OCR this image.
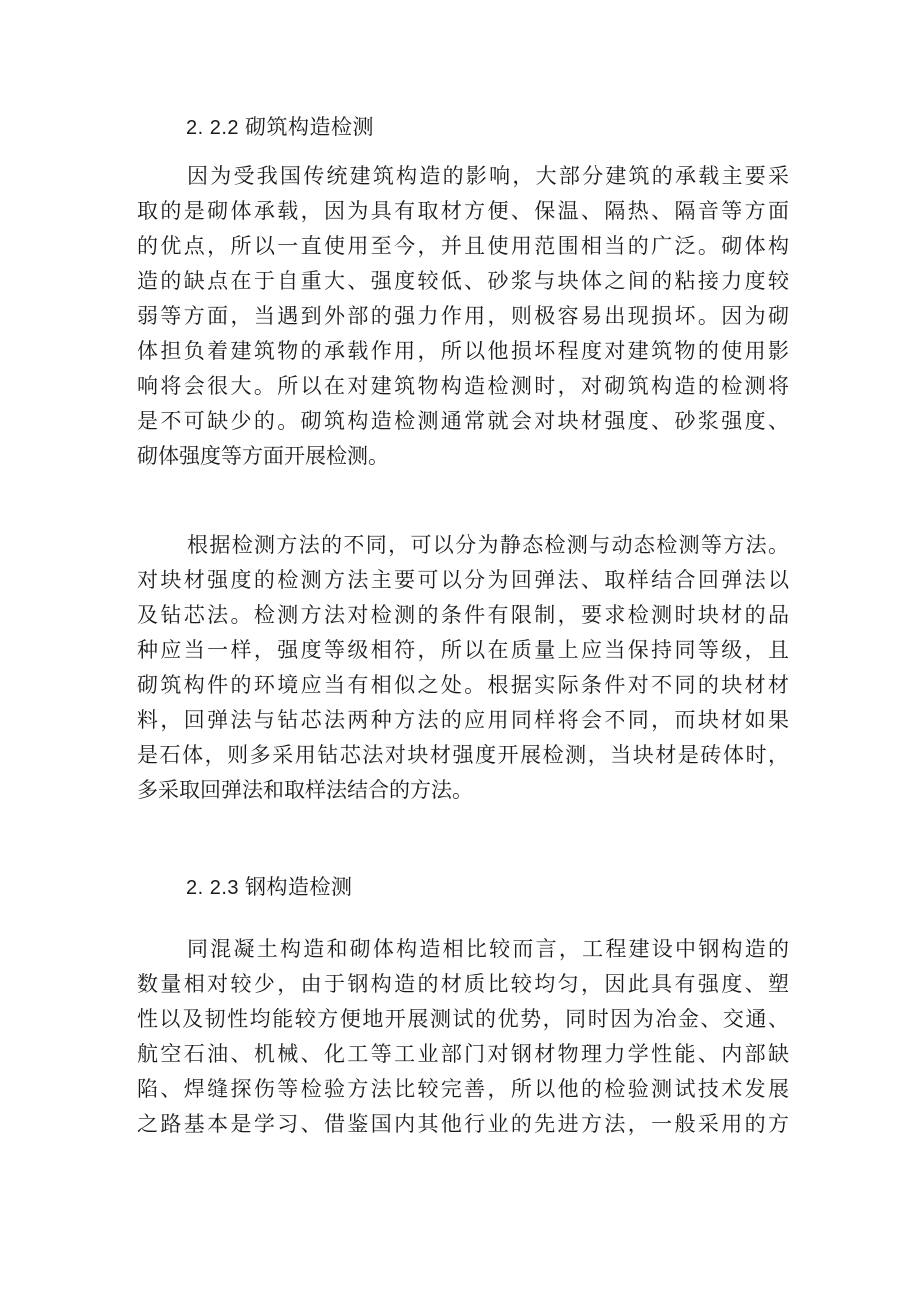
2. 2.2 砌筑构造检测
因为受我国传统建筑构造的影响，大部分建筑的承载主要采
取的是砌体承载，因为具有取材方便、保温、隔热、隔音等方面
的优点，所以一直使用至今，并且使用范围相当的广泛。砌体构
造的缺点在于自重大、强度较低、砂浆与块体之间的粘接力度较
弱等方面，当遇到外部的强力作用，则极容易出现损坏。因为砌
体担负着建筑物的承载作用，所以他损坏程度对建筑物的使用影
响将会很大。所以在对建筑物构造检测时，对砌筑构造的检测将
是不可缺少的。砌筑构造检测通常就会对块材强度、砂浆强度、
砌体强度等方面开展检测。
根据检测方法的不同，可以分为静态检测与动态检测等方法。
对块材强度的检测方法主要可以分为回弹法、取样结合回弹法以
及钻芯法。检测方法对检测的条件有限制，要求检测时块材的品
种应当一样，强度等级相符，所以在质量上应当保持同等级，且
砌筑构件的环境应当有相似之处。根据实际条件对不同的块材材
料，回弹法与钻芯法两种方法的应用同样将会不同，而块材如果
是石体，则多采用钻芯法对块材强度开展检测，当块材是砖体时，
多采取回弹法和取样法结合的方法。
2. 2.3 钢构造检测
同混凝土构造和砌体构造相比较而言，工程建设中钢构造的
数量相对较少，由于钢构造的材质比较均匀，因此具有强度、塑
性以及韧性均能较方便地开展测试的优势，同时因为冶金、交通、
航空石油、机械、化工等工业部门对钢材物理力学性能、内部缺
陷、焊缝探伤等检验方法比较完善，所以他的检验测试技术发展
之路基本是学习、借鉴国内其他行业的先进方法，一般采用的方
